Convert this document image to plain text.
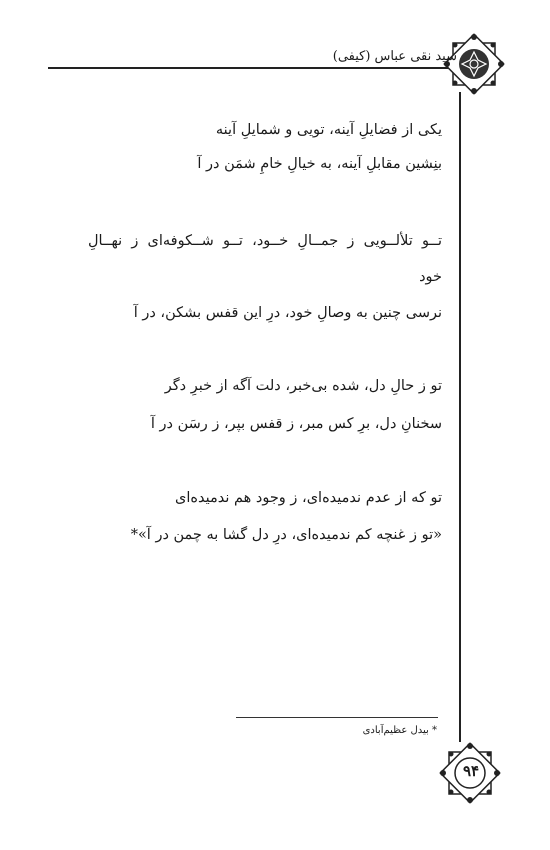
سید نقی عباس (کیفی)
یکی از فضایلِ آینه، تویی و شمایلِ آینه
بنِشین مقابلِ آینه، به خیالِ خامِ شمَن در آ
تــو تلألــویی ز جمــالِ خــود، تــو شــکوفه‌ای ز نهــالِ
خود
نرسی چنین به وصالِ خود، درِ این قفس بشکن، در آ
تو ز حالِ دل، شده بی‌خبر، دلت آگه از خبرِ دگر
سخنانِ دل، برِ کس مبر، ز قفس بپر، ز رسَن در آ
تو که از عدم ندمیده‌ای، ز وجود هم ندمیده‌ای
«تو ز غنچه کم ندمیده‌ای، درِ دل گشا به چمن در آ»*
* بیدل عظیم‌آبادی
۹۴
